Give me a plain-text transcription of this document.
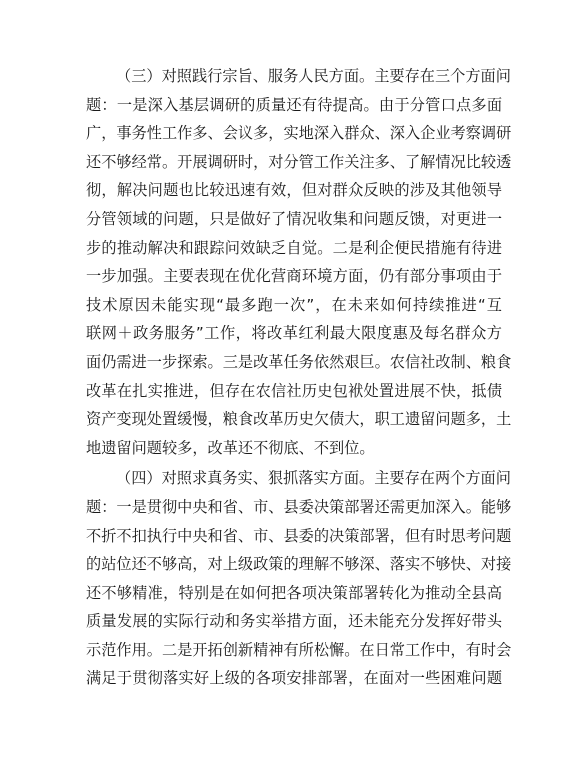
（三）对照践行宗旨、服务人民方面。主要存在三个方面问
题：一是深入基层调研的质量还有待提高。由于分管口点多面
广，事务性工作多、会议多，实地深入群众、深入企业考察调研
还不够经常。开展调研时，对分管工作关注多、了解情况比较透
彻，解决问题也比较迅速有效，但对群众反映的涉及其他领导
分管领域的问题，只是做好了情况收集和问题反馈，对更进一
步的推动解决和跟踪问效缺乏自觉。二是利企便民措施有待进
一步加强。主要表现在优化营商环境方面，仍有部分事项由于
技术原因未能实现“最多跑一次”，在未来如何持续推进“互
联网＋政务服务”工作，将改革红利最大限度惠及每名群众方
面仍需进一步探索。三是改革任务依然艰巨。农信社改制、粮食
改革在扎实推进，但存在农信社历史包袱处置进展不快，抵债
资产变现处置缓慢，粮食改革历史欠债大，职工遗留问题多，土
地遗留问题较多，改革还不彻底、不到位。
（四）对照求真务实、狠抓落实方面。主要存在两个方面问
题：一是贯彻中央和省、市、县委决策部署还需更加深入。能够
不折不扣执行中央和省、市、县委的决策部署，但有时思考问题
的站位还不够高，对上级政策的理解不够深、落实不够快、对接
还不够精准，特别是在如何把各项决策部署转化为推动全县高
质量发展的实际行动和务实举措方面，还未能充分发挥好带头
示范作用。二是开拓创新精神有所松懈。在日常工作中，有时会
满足于贯彻落实好上级的各项安排部署，在面对一些困难问题
